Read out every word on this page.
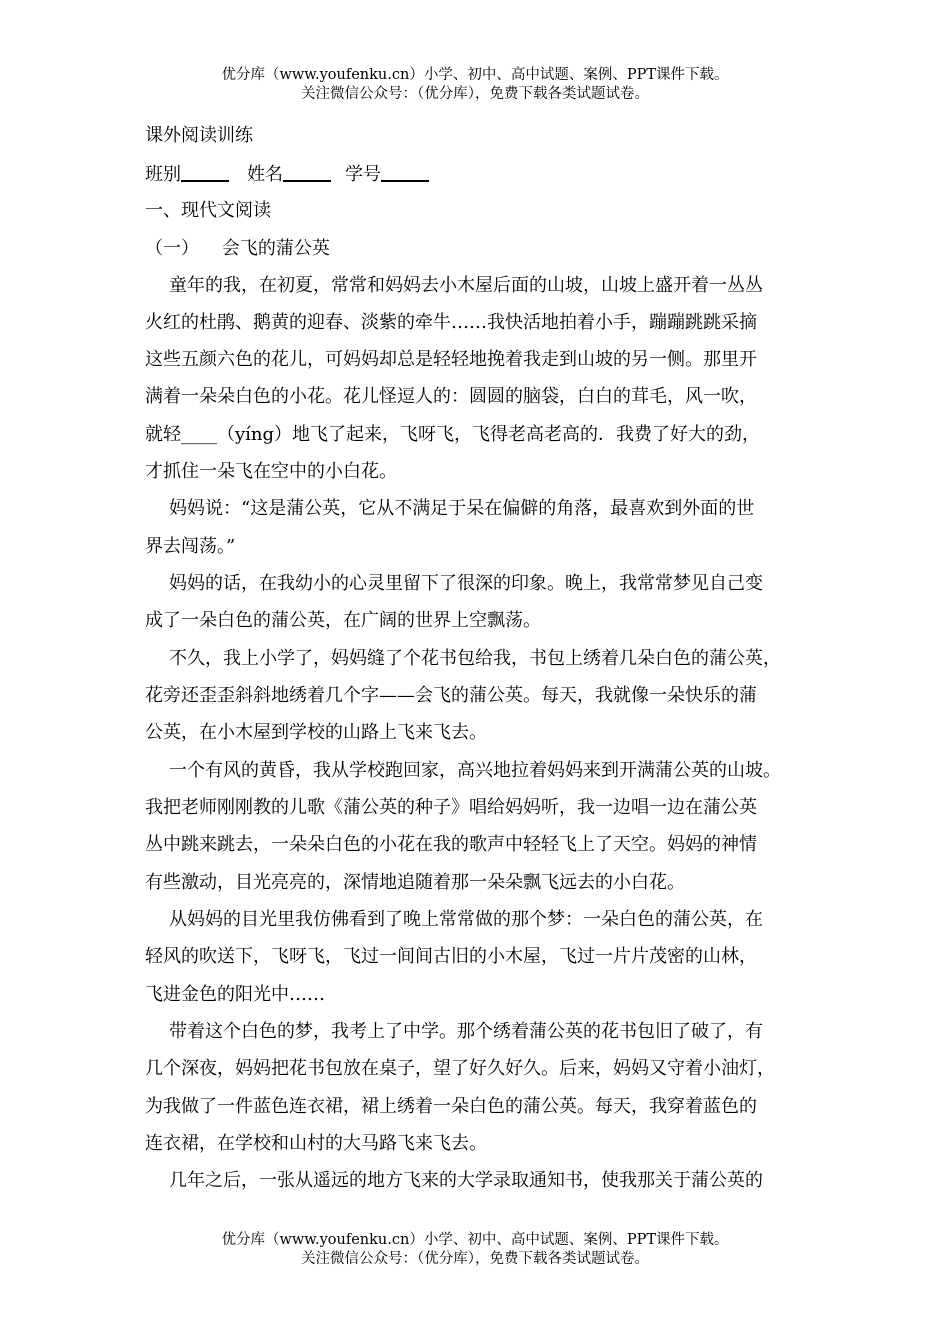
优分库（www.youfenku.cn）小学、初中、高中试题、案例、PPT课件下载。
关注微信公众号：（优分库），免费下载各类试题试卷。
课外阅读训练
班别	姓名	学号
一、现代文阅读
（一）    会飞的蒲公英
童年的我，在初夏，常常和妈妈去小木屋后面的山坡，山坡上盛开着一丛丛
火红的杜鹃、鹅黄的迎春、淡紫的牵牛……我快活地拍着小手，蹦蹦跳跳采摘
这些五颜六色的花儿，可妈妈却总是轻轻地挽着我走到山坡的另一侧。那里开
满着一朵朵白色的小花。花儿怪逗人的：圆圆的脑袋，白白的茸毛，风一吹，
就轻____（yíng）地飞了起来，飞呀飞，飞得老高老高的．我费了好大的劲，
才抓住一朵飞在空中的小白花。
妈妈说：“这是蒲公英，它从不满足于呆在偏僻的角落，最喜欢到外面的世
界去闯荡。”
妈妈的话，在我幼小的心灵里留下了很深的印象。晚上，我常常梦见自己变
成了一朵白色的蒲公英，在广阔的世界上空飘荡。
不久，我上小学了，妈妈缝了个花书包给我，书包上绣着几朵白色的蒲公英，
花旁还歪歪斜斜地绣着几个字——会飞的蒲公英。每天，我就像一朵快乐的蒲
公英，在小木屋到学校的山路上飞来飞去。
一个有风的黄昏，我从学校跑回家，高兴地拉着妈妈来到开满蒲公英的山坡。
我把老师刚刚教的儿歌《蒲公英的种子》唱给妈妈听，我一边唱一边在蒲公英
丛中跳来跳去，一朵朵白色的小花在我的歌声中轻轻飞上了天空。妈妈的神情
有些激动，目光亮亮的，深情地追随着那一朵朵飘飞远去的小白花。
从妈妈的目光里我仿佛看到了晚上常常做的那个梦：一朵白色的蒲公英，在
轻风的吹送下，飞呀飞，飞过一间间古旧的小木屋，飞过一片片茂密的山林，
飞进金色的阳光中……
带着这个白色的梦，我考上了中学。那个绣着蒲公英的花书包旧了破了，有
几个深夜，妈妈把花书包放在桌子，望了好久好久。后来，妈妈又守着小油灯，
为我做了一件蓝色连衣裙，裙上绣着一朵白色的蒲公英。每天，我穿着蓝色的
连衣裙，在学校和山村的大马路飞来飞去。
几年之后，一张从遥远的地方飞来的大学录取通知书，使我那关于蒲公英的
优分库（www.youfenku.cn）小学、初中、高中试题、案例、PPT课件下载。
关注微信公众号：（优分库），免费下载各类试题试卷。
